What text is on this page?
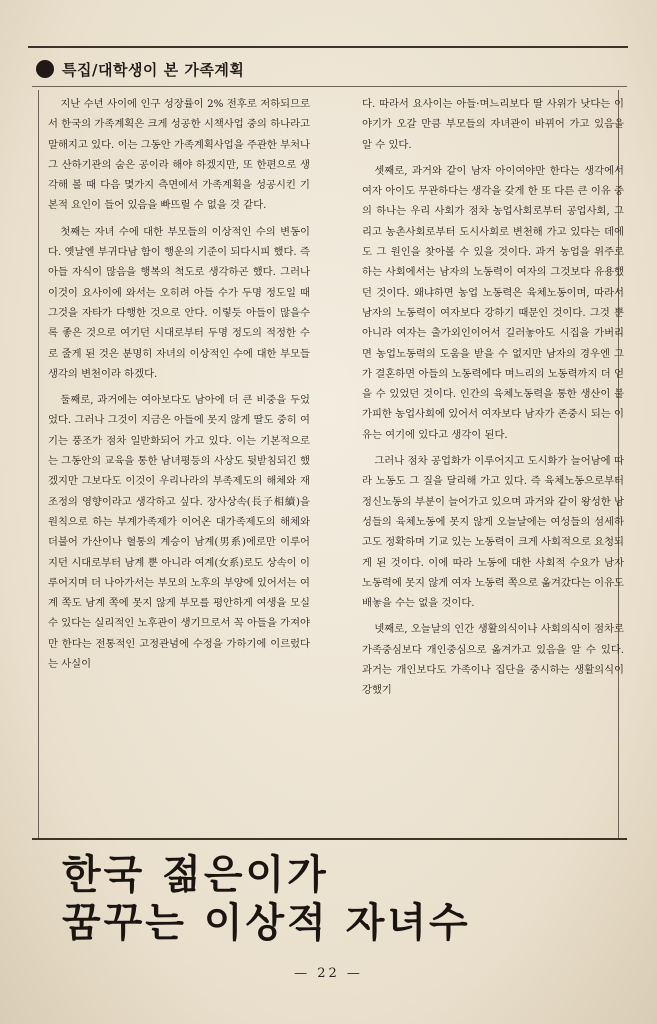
특집/대학생이 본 가족계획

지난 수년 사이에 인구 성장률이 2% 전후로 저하되므로서 한국의 가족계획은 크게 성공한 시책사업 중의 하나라고 말해지고 있다. 이는 그동안 가족계획사업을 주관한 부처나 그 산하기관의 숨은 공이라 해야 하겠지만, 또 한편으로 생각해 볼 때 다음 몇가지 측면에서 가족계획을 성공시킨 기본적 요인이 들어 있음을 빠뜨릴 수 없을 것 같다.

첫째는 자녀 수에 대한 부모들의 이상적인 수의 변동이다. 옛날엔 부귀다남 함이 행운의 기준이 되다시피 했다. 즉 아들 자식이 많음을 행복의 척도로 생각하곤 했다. 그러나 이것이 요사이에 와서는 오히려 아들 수가 두명 정도일 때 그것을 자타가 다행한 것으로 안다. 이렇듯 아들이 많을수록 좋은 것으로 여기던 시대로부터 두명 정도의 적정한 수로 줄게 된 것은 분명히 자녀의 이상적인 수에 대한 부모들 생각의 변천이라 하겠다.

둘째로, 과거에는 여아보다도 남아에 더 큰 비중을 두었었다. 그러나 그것이 지금은 아들에 못지 않게 딸도 중히 여기는 풍조가 점차 일반화되어 가고 있다. 이는 기본적으로는 그동안의 교육을 통한 남녀평등의 사상도 뒷받침되긴 했겠지만 그보다도 이것이 우리나라의 부족제도의 해체와 재조정의 영향이라고 생각하고 싶다. 장사상속(長子相續)을 원칙으로 하는 부계가족제가 이어온 대가족제도의 해체와 더불어 가산이나 혈통의 계승이 남계(男系)에로만 이루어지던 시대로부터 남계 뿐 아니라 여계(女系)로도 상속이 이루어지며 더 나아가서는 부모의 노후의 부양에 있어서는 여계 쪽도 남계 쪽에 못지 않게 부모를 평안하게 여생을 모실 수 있다는 실리적인 노후관이 생기므로서 꼭 아들을 가져야만 한다는 전통적인 고정관념에 수정을 가하기에 이르렀다는 사실이

다. 따라서 요사이는 아들·며느리보다 딸 사위가 낫다는 이야기가 오갈 만큼 부모들의 자녀관이 바뀌어 가고 있음을 알 수 있다.

셋째로, 과거와 같이 남자 아이여야만 한다는 생각에서 여자 아이도 무관하다는 생각을 갖게 한 또 다른 큰 이유 중의 하나는 우리 사회가 점차 농업사회로부터 공업사회, 그리고 농촌사회로부터 도시사회로 변천해 가고 있다는 데에도 그 원인을 찾아볼 수 있을 것이다. 과거 농업을 위주로 하는 사회에서는 남자의 노동력이 여자의 그것보다 유용했던 것이다. 왜냐하면 농업 노동력은 육체노동이며, 따라서 남자의 노동력이 여자보다 강하기 때문인 것이다. 그것 뿐 아니라 여자는 출가외인이어서 길러놓아도 시집을 가버리면 농업노동력의 도움을 받을 수 없지만 남자의 경우엔 그가 결혼하면 아들의 노동력에다 며느리의 노동력까지 더 얻을 수 있었던 것이다. 인간의 육체노동력을 통한 생산이 불가피한 농업사회에 있어서 여자보다 남자가 존중시 되는 이유는 여기에 있다고 생각이 된다.

그러나 점차 공업화가 이루어지고 도시화가 늘어남에 따라 노동도 그 질을 달리해 가고 있다. 즉 육체노동으로부터 정신노동의 부분이 늘어가고 있으며 과거와 같이 왕성한 남성들의 육체노동에 못지 않게 오늘날에는 여성들의 섬세하고도 정확하며 기교 있는 노동력이 크게 사회적으로 요청되게 된 것이다. 이에 따라 노동에 대한 사회적 수요가 남자 노동력에 못지 않게 여자 노동력 쪽으로 옮겨갔다는 이유도 배놓을 수는 없을 것이다.

넷째로, 오늘날의 인간 생활의식이나 사회의식이 점차로 가족중심보다 개인중심으로 옮겨가고 있음을 알 수 있다. 과거는 개인보다도 가족이나 집단을 중시하는 생활의식이 강했기

한국 젊은이가
꿈꾸는 이상적 자녀수
— 22 —
